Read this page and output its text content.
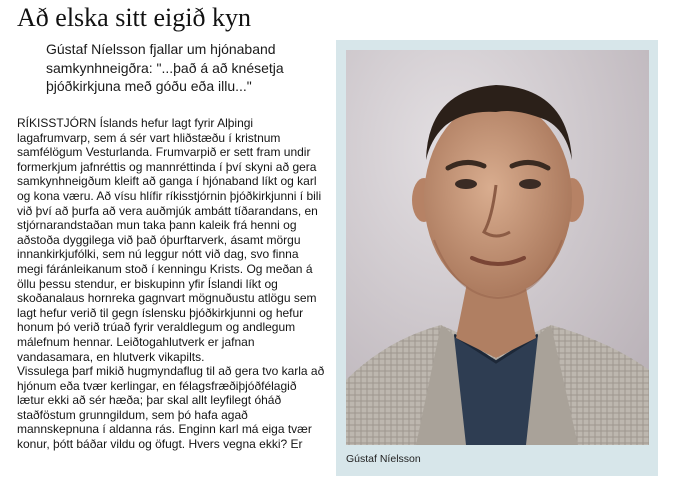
Að elska sitt eigið kyn
Gústaf Níelsson fjallar um hjónaband samkynhneigðra: "...það á að knésetja þjóðkirkjuna með góðu eða illu..."

RÍKISSTJÓRN Íslands hefur lagt fyrir Alþingi lagafrumvarp, sem á sér vart hliðstæðu í kristnum samfélögum Vesturlanda. Frumvarpið er sett fram undir formerkjum jafnréttis og mannréttinda í því skyni að gera samkynhneigðum kleift að ganga í hjónaband líkt og karl og kona væru. Að vísu hlífir ríkisstjórnin þjóðkirkjunni í bili við því að þurfa að vera auðmjúk ambátt tíðarandans, en stjórnarandstaðan mun taka þann kaleik frá henni og aðstoða dyggilega við það óþurftarverk, ásamt mörgu innankirkjufólki, sem nú leggur nótt við dag, svo finna megi fáránleikanum stoð í kenningu Krists. Og meðan á öllu þessu stendur, er biskupinn yfir Íslandi líkt og skoðanalaus hornreka gagnvart mögnuðustu atlögu sem lagt hefur verið til gegn íslensku þjóðkirkjunni og hefur honum þó verið trúað fyrir veraldlegum og andlegum málefnum hennar. Leiðtogahlutverk er jafnan vandasamara, en hlutverk vikapilts.

Vissulega þarf mikið hugmyndaflug til að gera tvo karla að hjónum eða tvær kerlingar, en félagsfræðiþjóðfélagið lætur ekki að sér hæða; þar skal allt leyfilegt óháð staðföstum grunngildum, sem þó hafa agað mannskepnuna í aldanna rás. Enginn karl má eiga tvær konur, þótt báðar vildu og öfugt. Hvers vegna ekki? Er

Gústaf Níelsson
